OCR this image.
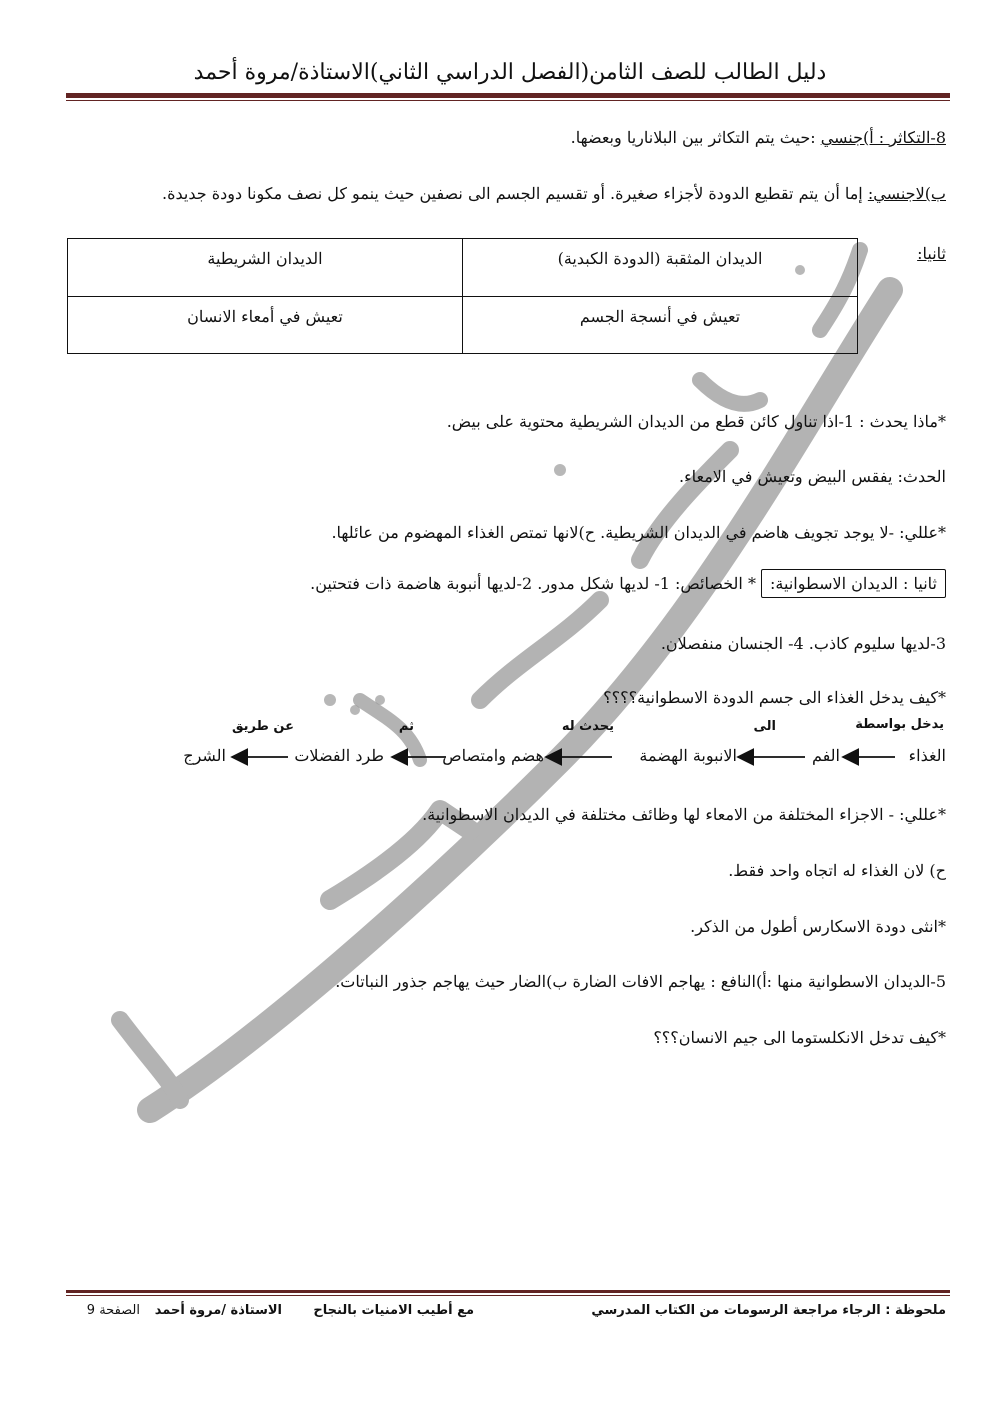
دليل الطالب للصف الثامن(الفصل الدراسي الثاني)الاستاذة/مروة أحمد
8-التكاثر : أ)جنسي :حيث يتم التكاثر بين البلاناريا وبعضها.
ب)لاجنسي: إما أن يتم تقطيع الدودة لأجزاء صغيرة. أو تقسيم الجسم الى نصفين حيث ينمو كل نصف مكونا دودة جديدة.
ثانيا:
الديدان المثقبة (الدودة الكبدية)	الديدان الشريطية
تعيش في أنسجة الجسم	تعيش في أمعاء الانسان
*ماذا يحدث : 1-اذا تناول كائن قطع من الديدان الشريطية محتوية على بيض.
الحدث: يفقس البيض وتعيش في الامعاء.
*عللي: -لا يوجد تجويف هاضم في الديدان الشريطية. ح)لانها تمتص الغذاء المهضوم من عائلها.
ثانيا : الديدان الاسطوانية: * الخصائص: 1- لديها شكل مدور. 2-لديها أنبوبة هاضمة ذات فتحتين.
3-لديها سليوم كاذب. 4- الجنسان منفصلان.
*كيف يدخل الغذاء الى جسم الدودة الاسطوانية؟؟؟؟
يدخل بواسطة
الى
يحدث له
ثم
عن طريق
الغذاء
الفم
الانبوبة الهضمة
هضم وامتصاص
طرد الفضلات
الشرج
*عللي: - الاجزاء المختلفة من الامعاء لها وظائف مختلفة في الديدان الاسطوانية.
ح) لان الغذاء له اتجاه واحد فقط.
*انثى دودة الاسكارس أطول من الذكر.
5-الديدان الاسطوانية منها :أ)النافع : يهاجم الافات الضارة ب)الضار حيث يهاجم جذور النباتات.
*كيف تدخل الانكلستوما الى جيم الانسان؟؟؟
ملحوظة : الرجاء مراجعة الرسومات من الكتاب المدرسي
مع أطيب الامنيات بالنجاح
الاستاذة /مروة أحمد
الصفحة 9
